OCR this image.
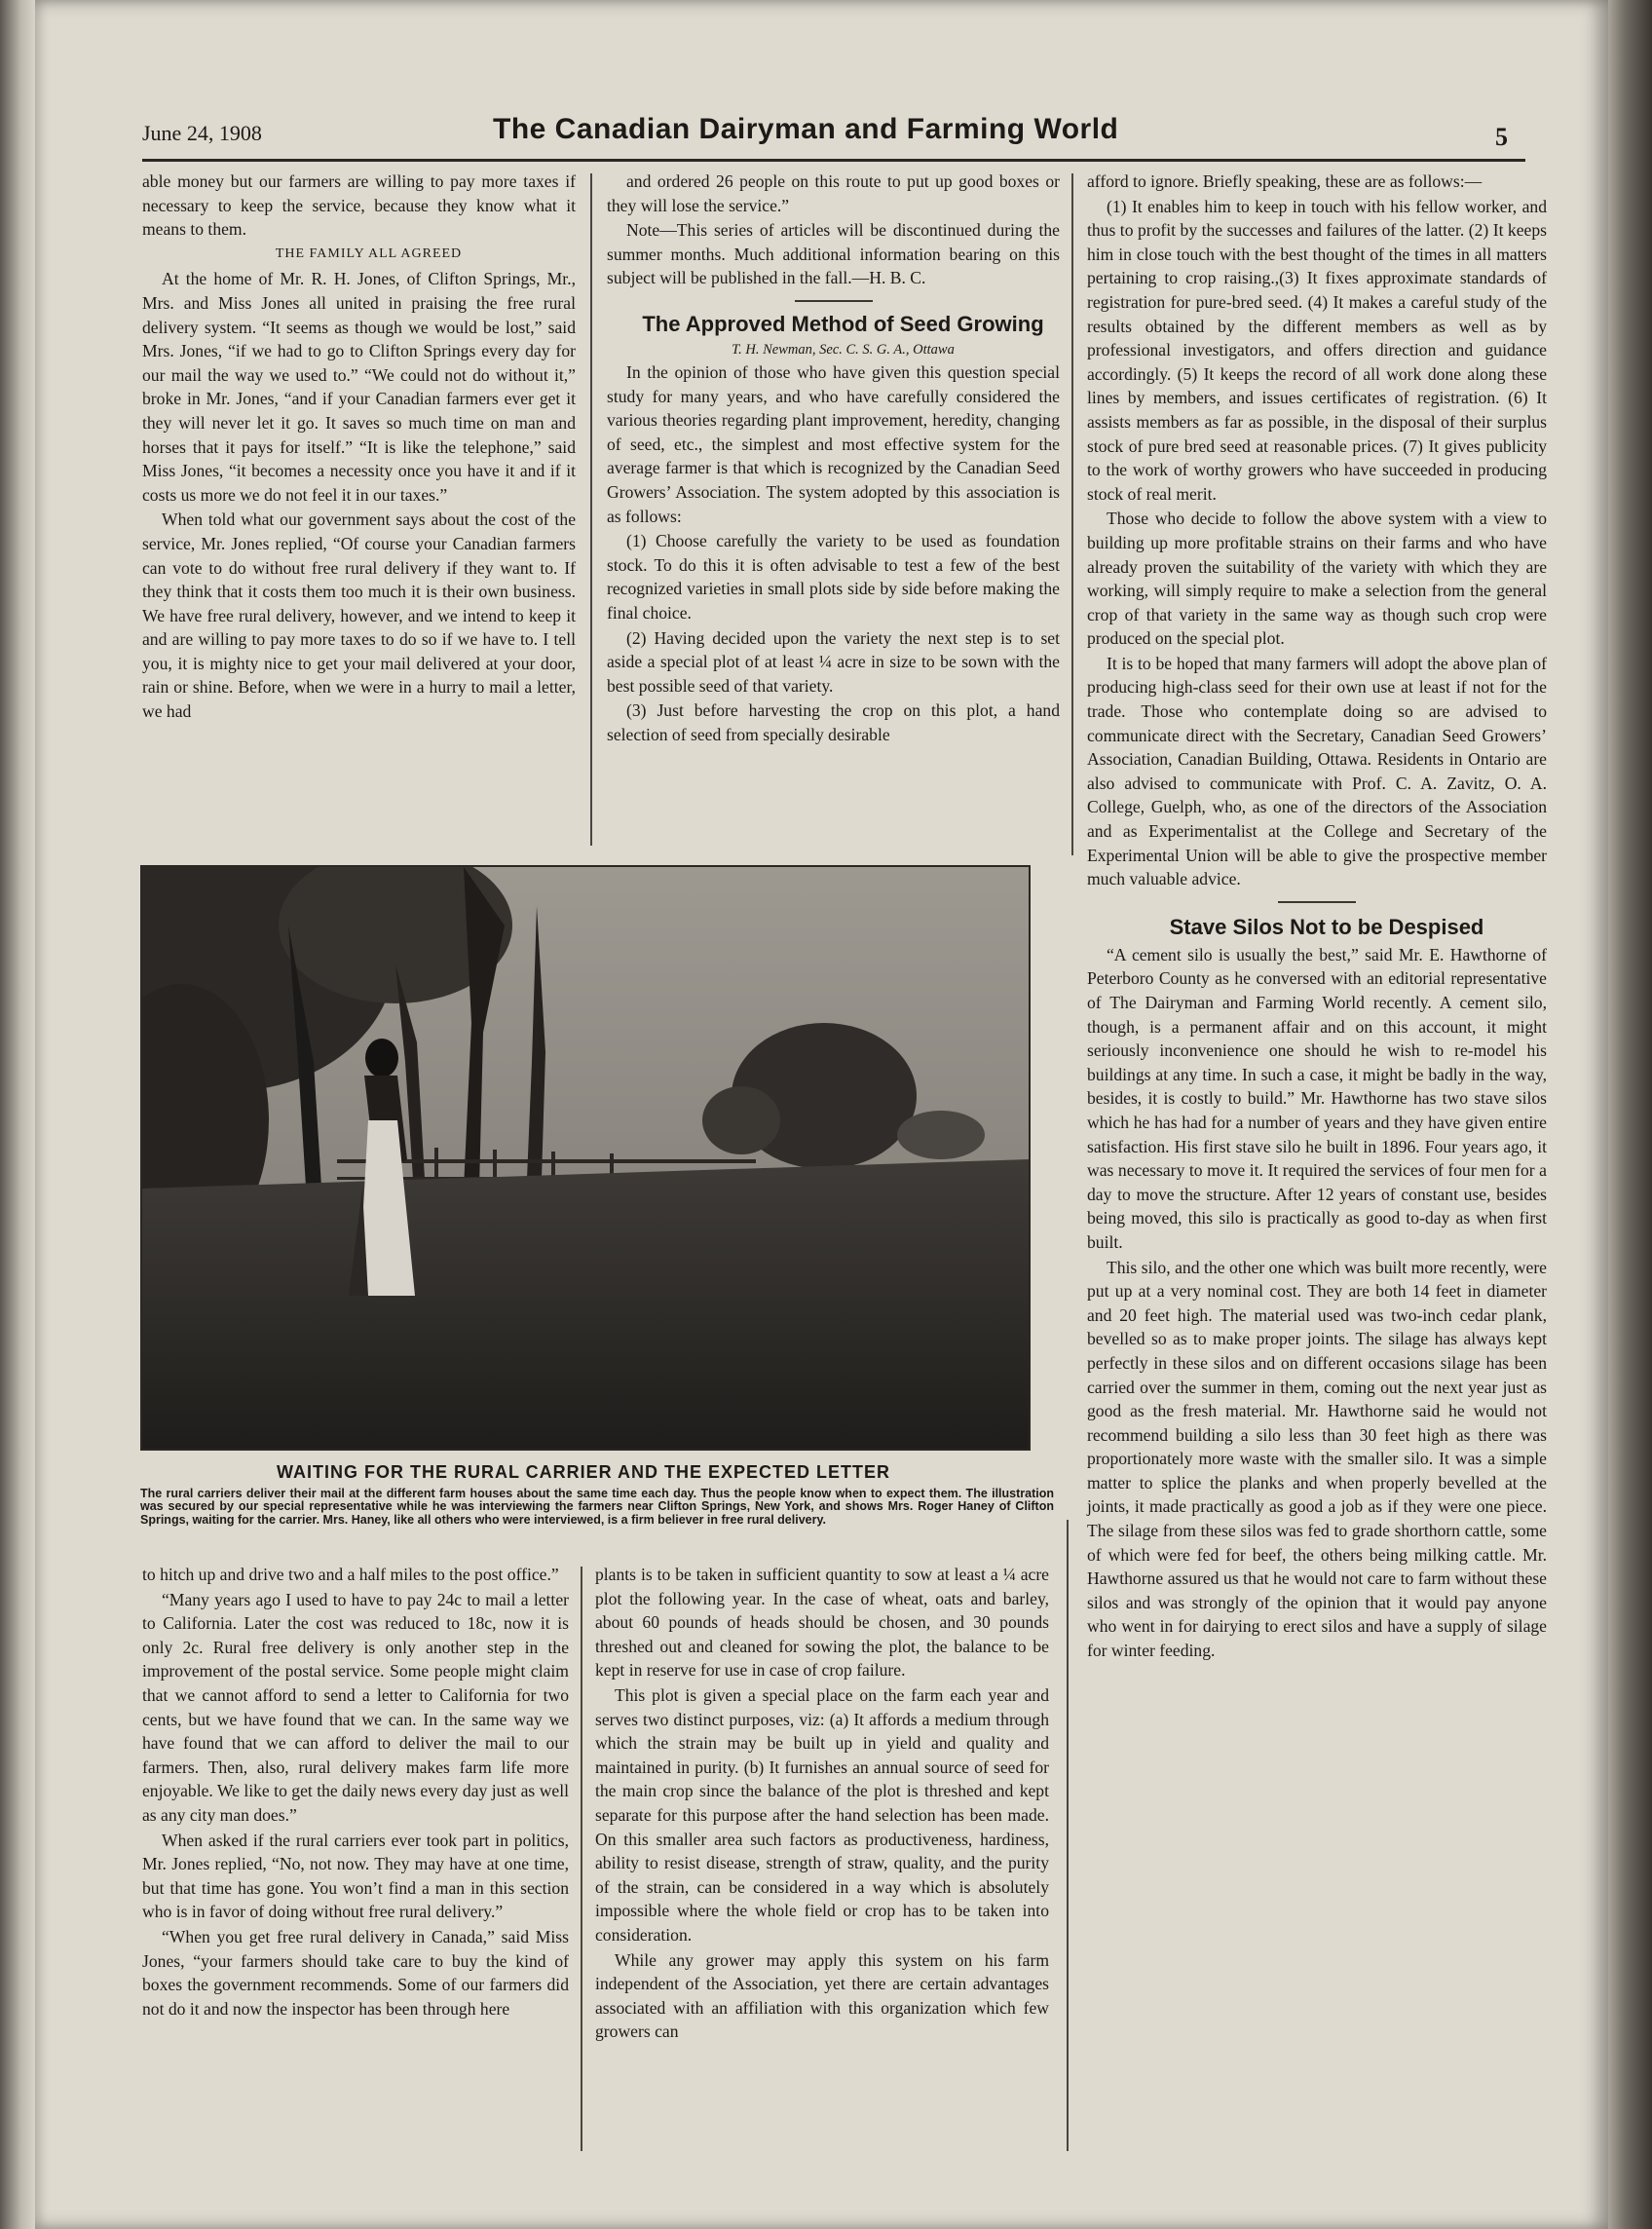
June 24, 1908	The Canadian Dairyman and Farming World	5

able money but our farmers are willing to pay more taxes if necessary to keep the service, because they know what it means to them.

THE FAMILY ALL AGREED

At the home of Mr. R. H. Jones, of Clifton Springs, Mr., Mrs. and Miss Jones all united in praising the free rural delivery system. “It seems as though we would be lost,” said Mrs. Jones, “if we had to go to Clifton Springs every day for our mail the way we used to.” “We could not do without it,” broke in Mr. Jones, “and if your Canadian farmers ever get it they will never let it go. It saves so much time on man and horses that it pays for itself.” “It is like the telephone,” said Miss Jones, “it becomes a necessity once you have it and if it costs us more we do not feel it in our taxes.”

When told what our government says about the cost of the service, Mr. Jones replied, “Of course your Canadian farmers can vote to do without free rural delivery if they want to. If they think that it costs them too much it is their own business. We have free rural delivery, however, and we intend to keep it and are willing to pay more taxes to do so if we have to. I tell you, it is mighty nice to get your mail delivered at your door, rain or shine. Before, when we were in a hurry to mail a letter, we had

and ordered 26 people on this route to put up good boxes or they will lose the service.”

Note—This series of articles will be discontinued during the summer months. Much additional information bearing on this subject will be published in the fall.—H. B. C.

The Approved Method of Seed Growing

T. H. Newman, Sec. C. S. G. A., Ottawa

In the opinion of those who have given this question special study for many years, and who have carefully considered the various theories regarding plant improvement, heredity, changing of seed, etc., the simplest and most effective system for the average farmer is that which is recognized by the Canadian Seed Growers’ Association. The system adopted by this association is as follows:

(1) Choose carefully the variety to be used as foundation stock. To do this it is often advisable to test a few of the best recognized varieties in small plots side by side before making the final choice.

(2) Having decided upon the variety the next step is to set aside a special plot of at least ¼ acre in size to be sown with the best possible seed of that variety.

(3) Just before harvesting the crop on this plot, a hand selection of seed from specially desirable

afford to ignore. Briefly speaking, these are as follows:—

(1) It enables him to keep in touch with his fellow worker, and thus to profit by the successes and failures of the latter. (2) It keeps him in close touch with the best thought of the times in all matters pertaining to crop raising.,(3) It fixes approximate standards of registration for pure-bred seed. (4) It makes a careful study of the results obtained by the different members as well as by professional investigators, and offers direction and guidance accordingly. (5) It keeps the record of all work done along these lines by members, and issues certificates of registration. (6) It assists members as far as possible, in the disposal of their surplus stock of pure bred seed at reasonable prices. (7) It gives publicity to the work of worthy growers who have succeeded in producing stock of real merit.

Those who decide to follow the above system with a view to building up more profitable strains on their farms and who have already proven the suitability of the variety with which they are working, will simply require to make a selection from the general crop of that variety in the same way as though such crop were produced on the special plot.

It is to be hoped that many farmers will adopt the above plan of producing high-class seed for their own use at least if not for the trade. Those who contemplate doing so are advised to communicate direct with the Secretary, Canadian Seed Growers’ Association, Canadian Building, Ottawa. Residents in Ontario are also advised to communicate with Prof. C. A. Zavitz, O. A. College, Guelph, who, as one of the directors of the Association and as Experimentalist at the College and Secretary of the Experimental Union will be able to give the prospective member much valuable advice.

Stave Silos Not to be Despised

“A cement silo is usually the best,” said Mr. E. Hawthorne of Peterboro County as he conversed with an editorial representative of The Dairyman and Farming World recently. A cement silo, though, is a permanent affair and on this account, it might seriously inconvenience one should he wish to re-model his buildings at any time. In such a case, it might be badly in the way, besides, it is costly to build.” Mr. Hawthorne has two stave silos which he has had for a number of years and they have given entire satisfaction. His first stave silo he built in 1896. Four years ago, it was necessary to move it. It required the services of four men for a day to move the structure. After 12 years of constant use, besides being moved, this silo is practically as good to-day as when first built.

This silo, and the other one which was built more recently, were put up at a very nominal cost. They are both 14 feet in diameter and 20 feet high. The material used was two-inch cedar plank, bevelled so as to make proper joints. The silage has always kept perfectly in these silos and on different occasions silage has been carried over the summer in them, coming out the next year just as good as the fresh material. Mr. Hawthorne said he would not recommend building a silo less than 30 feet high as there was proportionately more waste with the smaller silo. It was a simple matter to splice the planks and when properly bevelled at the joints, it made practically as good a job as if they were one piece. The silage from these silos was fed to grade shorthorn cattle, some of which were fed for beef, the others being milking cattle. Mr. Hawthorne assured us that he would not care to farm without these silos and was strongly of the opinion that it would pay anyone who went in for dairying to erect silos and have a supply of silage for winter feeding.

WAITING FOR THE RURAL CARRIER AND THE EXPECTED LETTER
The rural carriers deliver their mail at the different farm houses about the same time each day. Thus the people know when to expect them. The illustration was secured by our special representative while he was interviewing the farmers near Clifton Springs, New York, and shows Mrs. Roger Haney of Clifton Springs, waiting for the carrier. Mrs. Haney, like all others who were interviewed, is a firm believer in free rural delivery.

to hitch up and drive two and a half miles to the post office.”

“Many years ago I used to have to pay 24c to mail a letter to California. Later the cost was reduced to 18c, now it is only 2c. Rural free delivery is only another step in the improvement of the postal service. Some people might claim that we cannot afford to send a letter to California for two cents, but we have found that we can. In the same way we have found that we can afford to deliver the mail to our farmers. Then, also, rural delivery makes farm life more enjoyable. We like to get the daily news every day just as well as any city man does.”

When asked if the rural carriers ever took part in politics, Mr. Jones replied, “No, not now. They may have at one time, but that time has gone. You won’t find a man in this section who is in favor of doing without free rural delivery.”

“When you get free rural delivery in Canada,” said Miss Jones, “your farmers should take care to buy the kind of boxes the government recommends. Some of our farmers did not do it and now the inspector has been through here

plants is to be taken in sufficient quantity to sow at least a ¼ acre plot the following year. In the case of wheat, oats and barley, about 60 pounds of heads should be chosen, and 30 pounds threshed out and cleaned for sowing the plot, the balance to be kept in reserve for use in case of crop failure.

This plot is given a special place on the farm each year and serves two distinct purposes, viz: (a) It affords a medium through which the strain may be built up in yield and quality and maintained in purity. (b) It furnishes an annual source of seed for the main crop since the balance of the plot is threshed and kept separate for this purpose after the hand selection has been made. On this smaller area such factors as productiveness, hardiness, ability to resist disease, strength of straw, quality, and the purity of the strain, can be considered in a way which is absolutely impossible where the whole field or crop has to be taken into consideration.

While any grower may apply this system on his farm independent of the Association, yet there are certain advantages associated with an affiliation with this organization which few growers can
